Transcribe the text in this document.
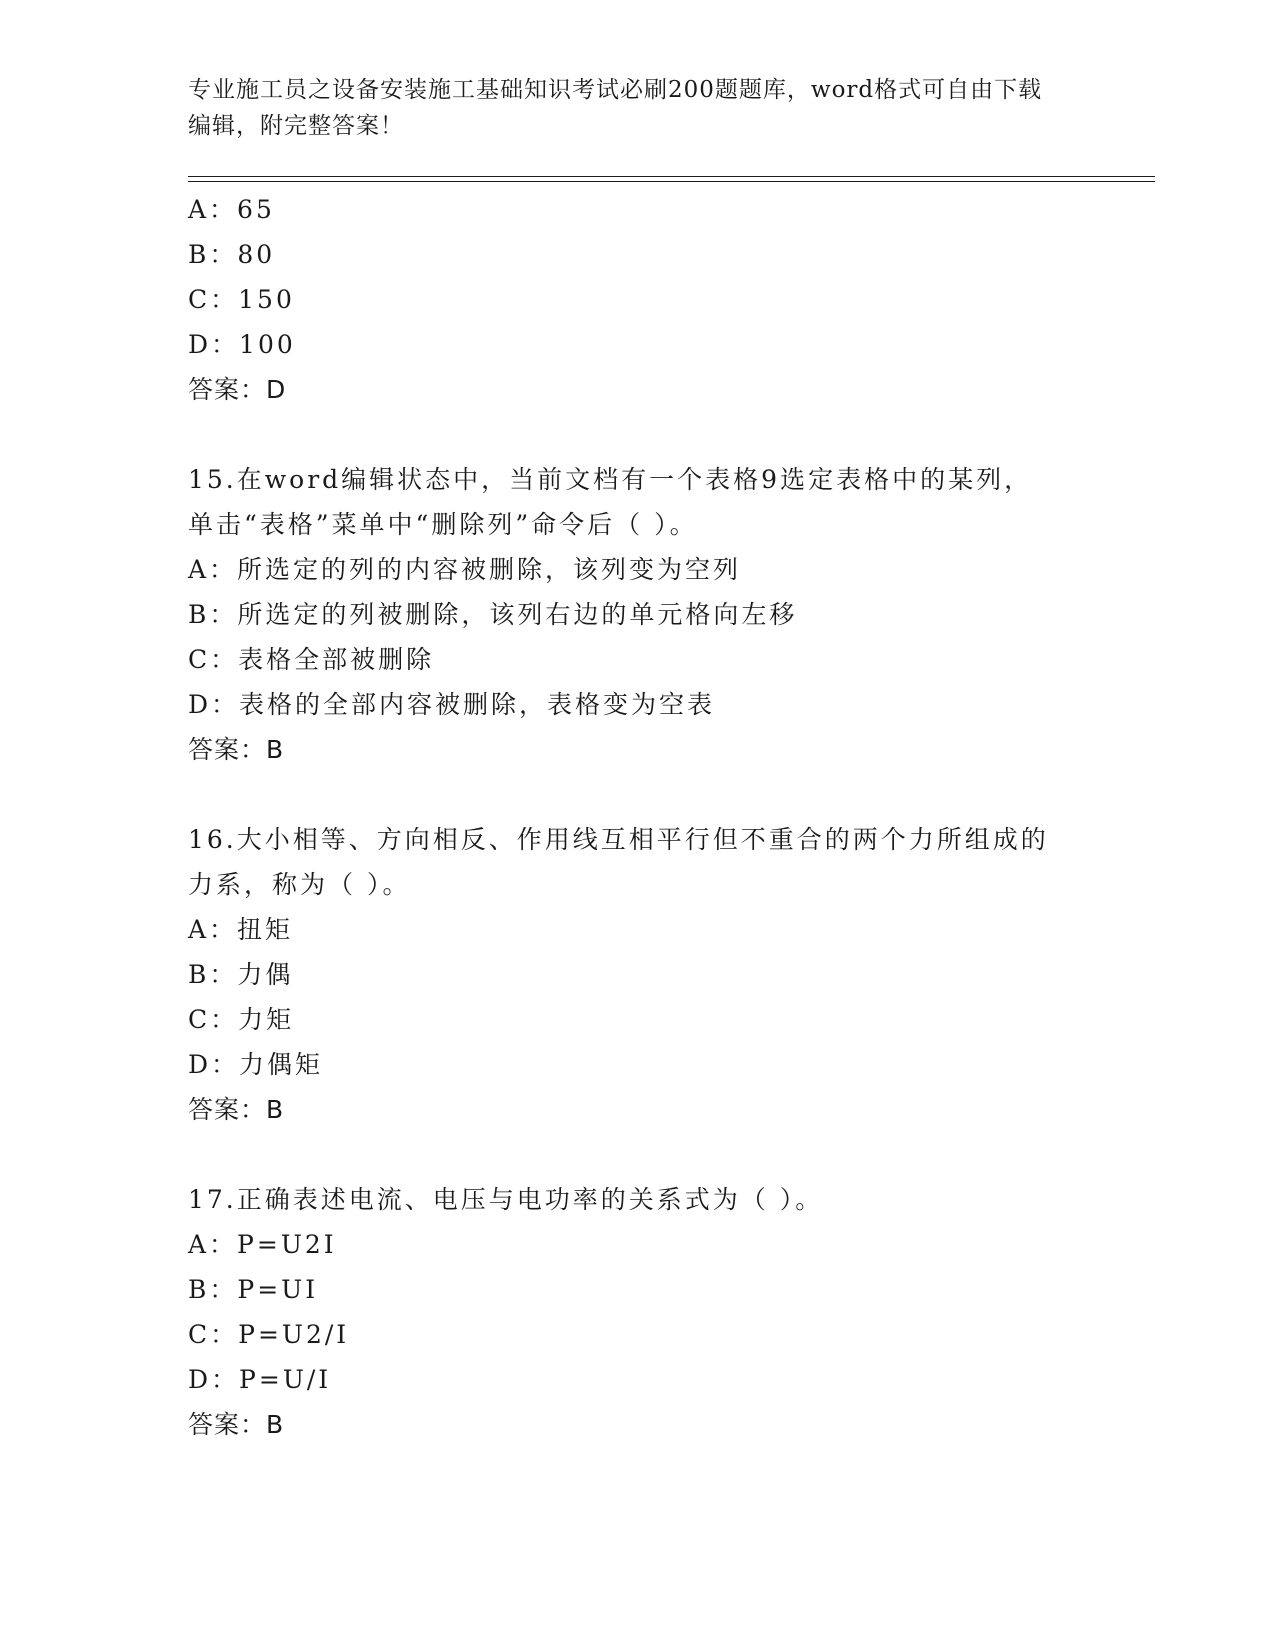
专业施工员之设备安装施工基础知识考试必刷200题题库，word格式可自由下载
编辑，附完整答案！
A：65
B：80
C：150
D：100
答案：D
15.在word编辑状态中，当前文档有一个表格9选定表格中的某列，
单击“表格”菜单中“删除列”命令后（ ）。
A：所选定的列的内容被删除，该列变为空列
B：所选定的列被删除，该列右边的单元格向左移
C：表格全部被删除
D：表格的全部内容被删除，表格变为空表
答案：B
16.大小相等、方向相反、作用线互相平行但不重合的两个力所组成的
力系，称为（ ）。
A：扭矩
B：力偶
C：力矩
D：力偶矩
答案：B
17.正确表述电流、电压与电功率的关系式为（ ）。
A：P=U2I
B：P=UI
C：P=U2/I
D：P=U/I
答案：B
